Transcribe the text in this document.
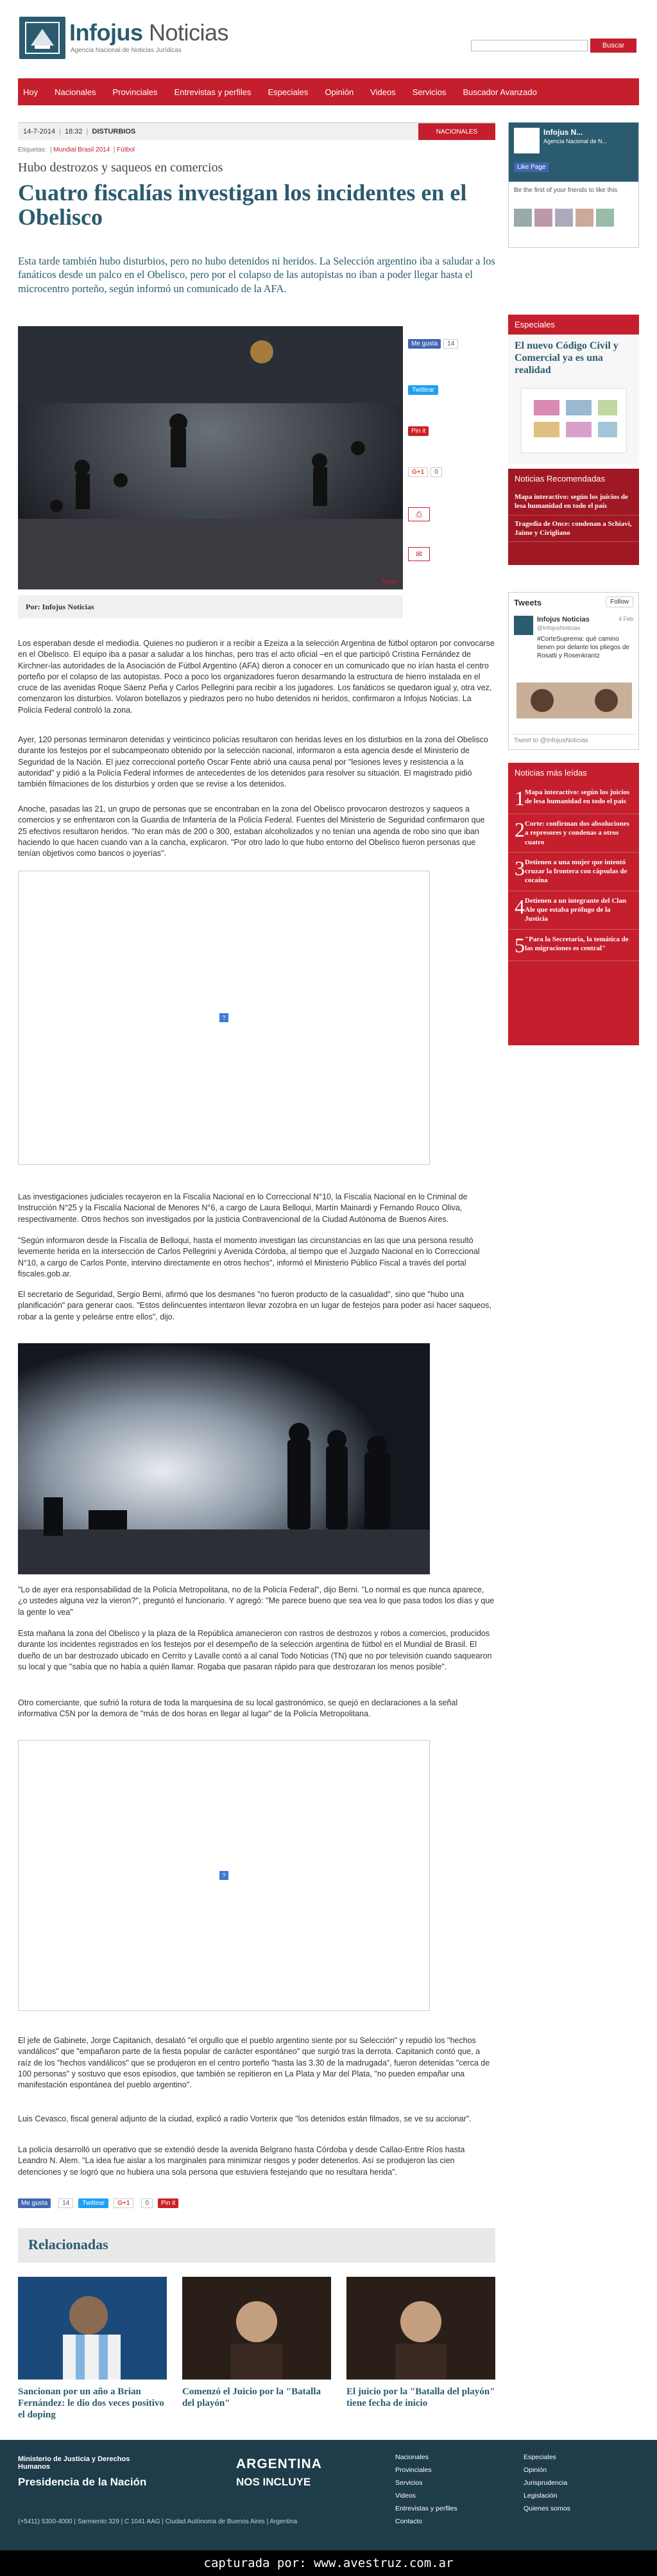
Infojus Noticias
Agencia Nacional de Noticias Jurídicas
Buscar
Hoy Nacionales Provinciales Entrevistas y perfiles Especiales Opinión Videos Servicios Buscador Avanzado
14-7-2014 | 18:32 | DISTURBIOS	NACIONALES
Etiquetas:  | Mundial Brasil 2014  | Fútbol
Hubo destrozos y saqueos en comercios
Cuatro fiscalías investigan los incidentes en el Obelisco

Esta tarde también hubo disturbios, pero no hubo detenidos ni heridos. La Selección argentino iba a saludar a los fanáticos desde un palco en el Obelisco, pero por el colapso de las autopistas no iban a poder llegar hasta el microcentro porteño, según informó un comunicado de la AFA.

Telam
Por: Infojus Noticias
Me gusta	14
Twittear
Pin it
G+1	0
⎙
✉

Los esperaban desde el mediodía. Quienes no pudieron ir a recibir a Ezeiza a la selección Argentina de fútbol optaron por convocarse en el Obelisco. El equipo iba a pasar a saludar a los hinchas, pero tras el acto oficial –en el que participó Cristina Fernández de Kirchner-las autoridades de la Asociación de Fútbol Argentino (AFA) dieron a conocer en un comunicado que no irían hasta el centro porteño por el colapso de las autopistas. Poco a poco los organizadores fueron desarmando la estructura de hierro instalada en el cruce de las avenidas Roque Sáenz Peña y Carlos Pellegrini para recibir a los jugadores. Los fanáticos se quedaron igual y, otra vez, comenzaron los disturbios. Volaron botellazos y piedrazos pero no hubo detenidos ni heridos, confirmaron a Infojus Noticias. La Policía Federal controló la zona.

Ayer, 120 personas terminaron detenidas y veinticinco policías resultaron con heridas leves en los disturbios en la zona del Obelisco durante los festejos por el subcampeonato obtenido por la selección nacional, informaron a esta agencia desde el Ministerio de Seguridad de la Nación. El juez correccional porteño Oscar Fente abrió una causa penal por "lesiones leves y resistencia a la autoridad" y pidió a la Policía Federal informes de antecedentes de los detenidos para resolver su situación. El magistrado pidió también filmaciones de los disturbios y orden que se revise a los detenidos.

Anoche, pasadas las 21, un grupo de personas que se encontraban en la zona del Obelisco provocaron destrozos y saqueos a comercios y se enfrentaron con la Guardia de Infantería de la Policía Federal. Fuentes del Ministerio de Seguridad confirmaron que 25 efectivos resultaron heridos. "No eran más de 200 o 300, estaban alcoholizados y no tenían una agenda de robo sino que iban haciendo lo que hacen cuando van a la cancha, explicaron. "Por otro lado lo que hubo entorno del Obelisco fueron personas que tenían objetivos como bancos o joyerías".

?

Las investigaciones judiciales recayeron en la Fiscalía Nacional en lo Correccional N°10, la Fiscalía Nacional en lo Criminal de Instrucción N°25 y la Fiscalía Nacional de Menores N°6, a cargo de Laura Belloqui, Martín Mainardi y Fernando Rouco Oliva, respectivamente. Otros hechos son investigados por la justicia Contravencional de la Ciudad Autónoma de Buenos Aires.

"Según informaron desde la Fiscalía de Belloqui, hasta el momento investigan las circunstancias en las que una persona resultó levemente herida en la intersección de Carlos Pellegrini y Avenida Córdoba, al tiempo que el Juzgado Nacional en lo Correccional N°10, a cargo de Carlos Ponte, intervino directamente en otros hechos", informó el Ministerio Público Fiscal a través del portal fiscales.gob.ar.

El secretario de Seguridad, Sergio Berni, afirmó que los desmanes "no fueron producto de la casualidad", sino que "hubo una planificación" para generar caos. "Estos delincuentes intentaron llevar zozobra en un lugar de festejos para poder así hacer saqueos, robar a la gente y peleárse entre ellos", dijo.

"Lo de ayer era responsabilidad de la Policía Metropolitana, no de la Policía Federal", dijo Berni. "Lo normal es que nunca aparece, ¿o ustedes alguna vez la vieron?", preguntó el funcionario. Y agregó: "Me parece bueno que sea vea lo que pasa todos los días y que la gente lo vea"

Esta mañana la zona del Obelisco y la plaza de la República amanecieron con rastros de destrozos y robos a comercios, producidos durante los incidentes registrados en los festejos por el desempeño de la selección argentina de fútbol en el Mundial de Brasil. El dueño de un bar destrozado ubicado en Cerrito y Lavalle contó a al canal Todo Noticias (TN) que no por televisión cuando saquearon su local y que "sabía que no había a quién llamar. Rogaba que pasaran rápido para que destrozaran los menos posible".

Otro comerciante, que sufrió la rotura de toda la marquesina de su local gastronómico, se quejó en declaraciones a la señal informativa C5N por la demora de "más de dos horas en llegar al lugar" de la Policía Metropolitana.

?

El jefe de Gabinete, Jorge Capitanich, desalató "el orgullo que el pueblo argentino siente por su Selección" y repudió los "hechos vandálicos" que "empañaron parte de la fiesta popular de carácter espontáneo" que surgió tras la derrota. Capitanich contó que, a raíz de los "hechos vandálicos" que se produjeron en el centro porteño "hasta las 3.30 de la madrugada", fueron detenidas "cerca de 100 personas" y sostuvo que esos episodios, que también se repitieron en La Plata y Mar del Plata, "no pueden empañar una manifestación espontánea del pueblo argentino".

Luis Cevasco, fiscal general adjunto de la ciudad, explicó a radio Vorterix que "los detenidos están filmados, se ve su accionar".

La policía desarrolló un operativo que se extendió desde la avenida Belgrano hasta Córdoba y desde Callao-Entre Ríos hasta Leandro N. Alem. "La idea fue aislar a los marginales para minimizar riesgos y poder detenerlos. Así se produjeron las cien detenciones y se logró que no hubiera una sola persona que estuviera festejando que no resultara herida".

Me gusta	14	Twittear	G+1	0	Pin it
Relacionadas
Sancionan por un año a Brian Fernández: le dio dos veces positivo el doping
Comenzó el Juicio por la "Batalla del playón"
El juicio por la "Batalla del playón" tiene fecha de inicio
Infojus N...
Agencia Nacional de N...
Like Page
Be the first of your friends to like this
Especiales
El nuevo Código Civil y Comercial ya es una realidad
Noticias Recomendadas
Mapa interactivo: según los juicios de lesa humanidad en todo el país
Tragedia de Once: condenan a Schiavi, Jaime y Cirigliano
Tweets	Follow
Infojus Noticias
@InfojusNoticias
4 Feb
#CorteSuprema: qué camino tienen por delante los pliegos de Rosatti y Rosenkrantz
Tweet to @InfojusNoticias
Noticias más leídas
1 Mapa interactivo: según los juicios de lesa humanidad en todo el país
2 Corte: confirman dos absoluciones a represores y condenas a otros cuatro
3 Detienen a una mujer que intentó cruzar la frontera con cápsulas de cocaína
4 Detienen a un integrante del Clan Ale que estaba prófugo de la Justicia
5 "Para la Secretaria, la temática de las migraciones es central"
Ministerio de Justicia y Derechos Humanos
Presidencia de la Nación
ARGENTINA
NOS INCLUYE
(+5411) 5300-4000 | Sarmiento 329 | C 1041 AAG | Ciudad Autónoma de Buenos Aires | Argentina
Nacionales
Provinciales
Servicios
Videos
Entrevistas y perfiles
Contacto
Especiales
Opinión
Jurisprudencia
Legislación
Quienes somos
capturada por: www.avestruz.com.ar
